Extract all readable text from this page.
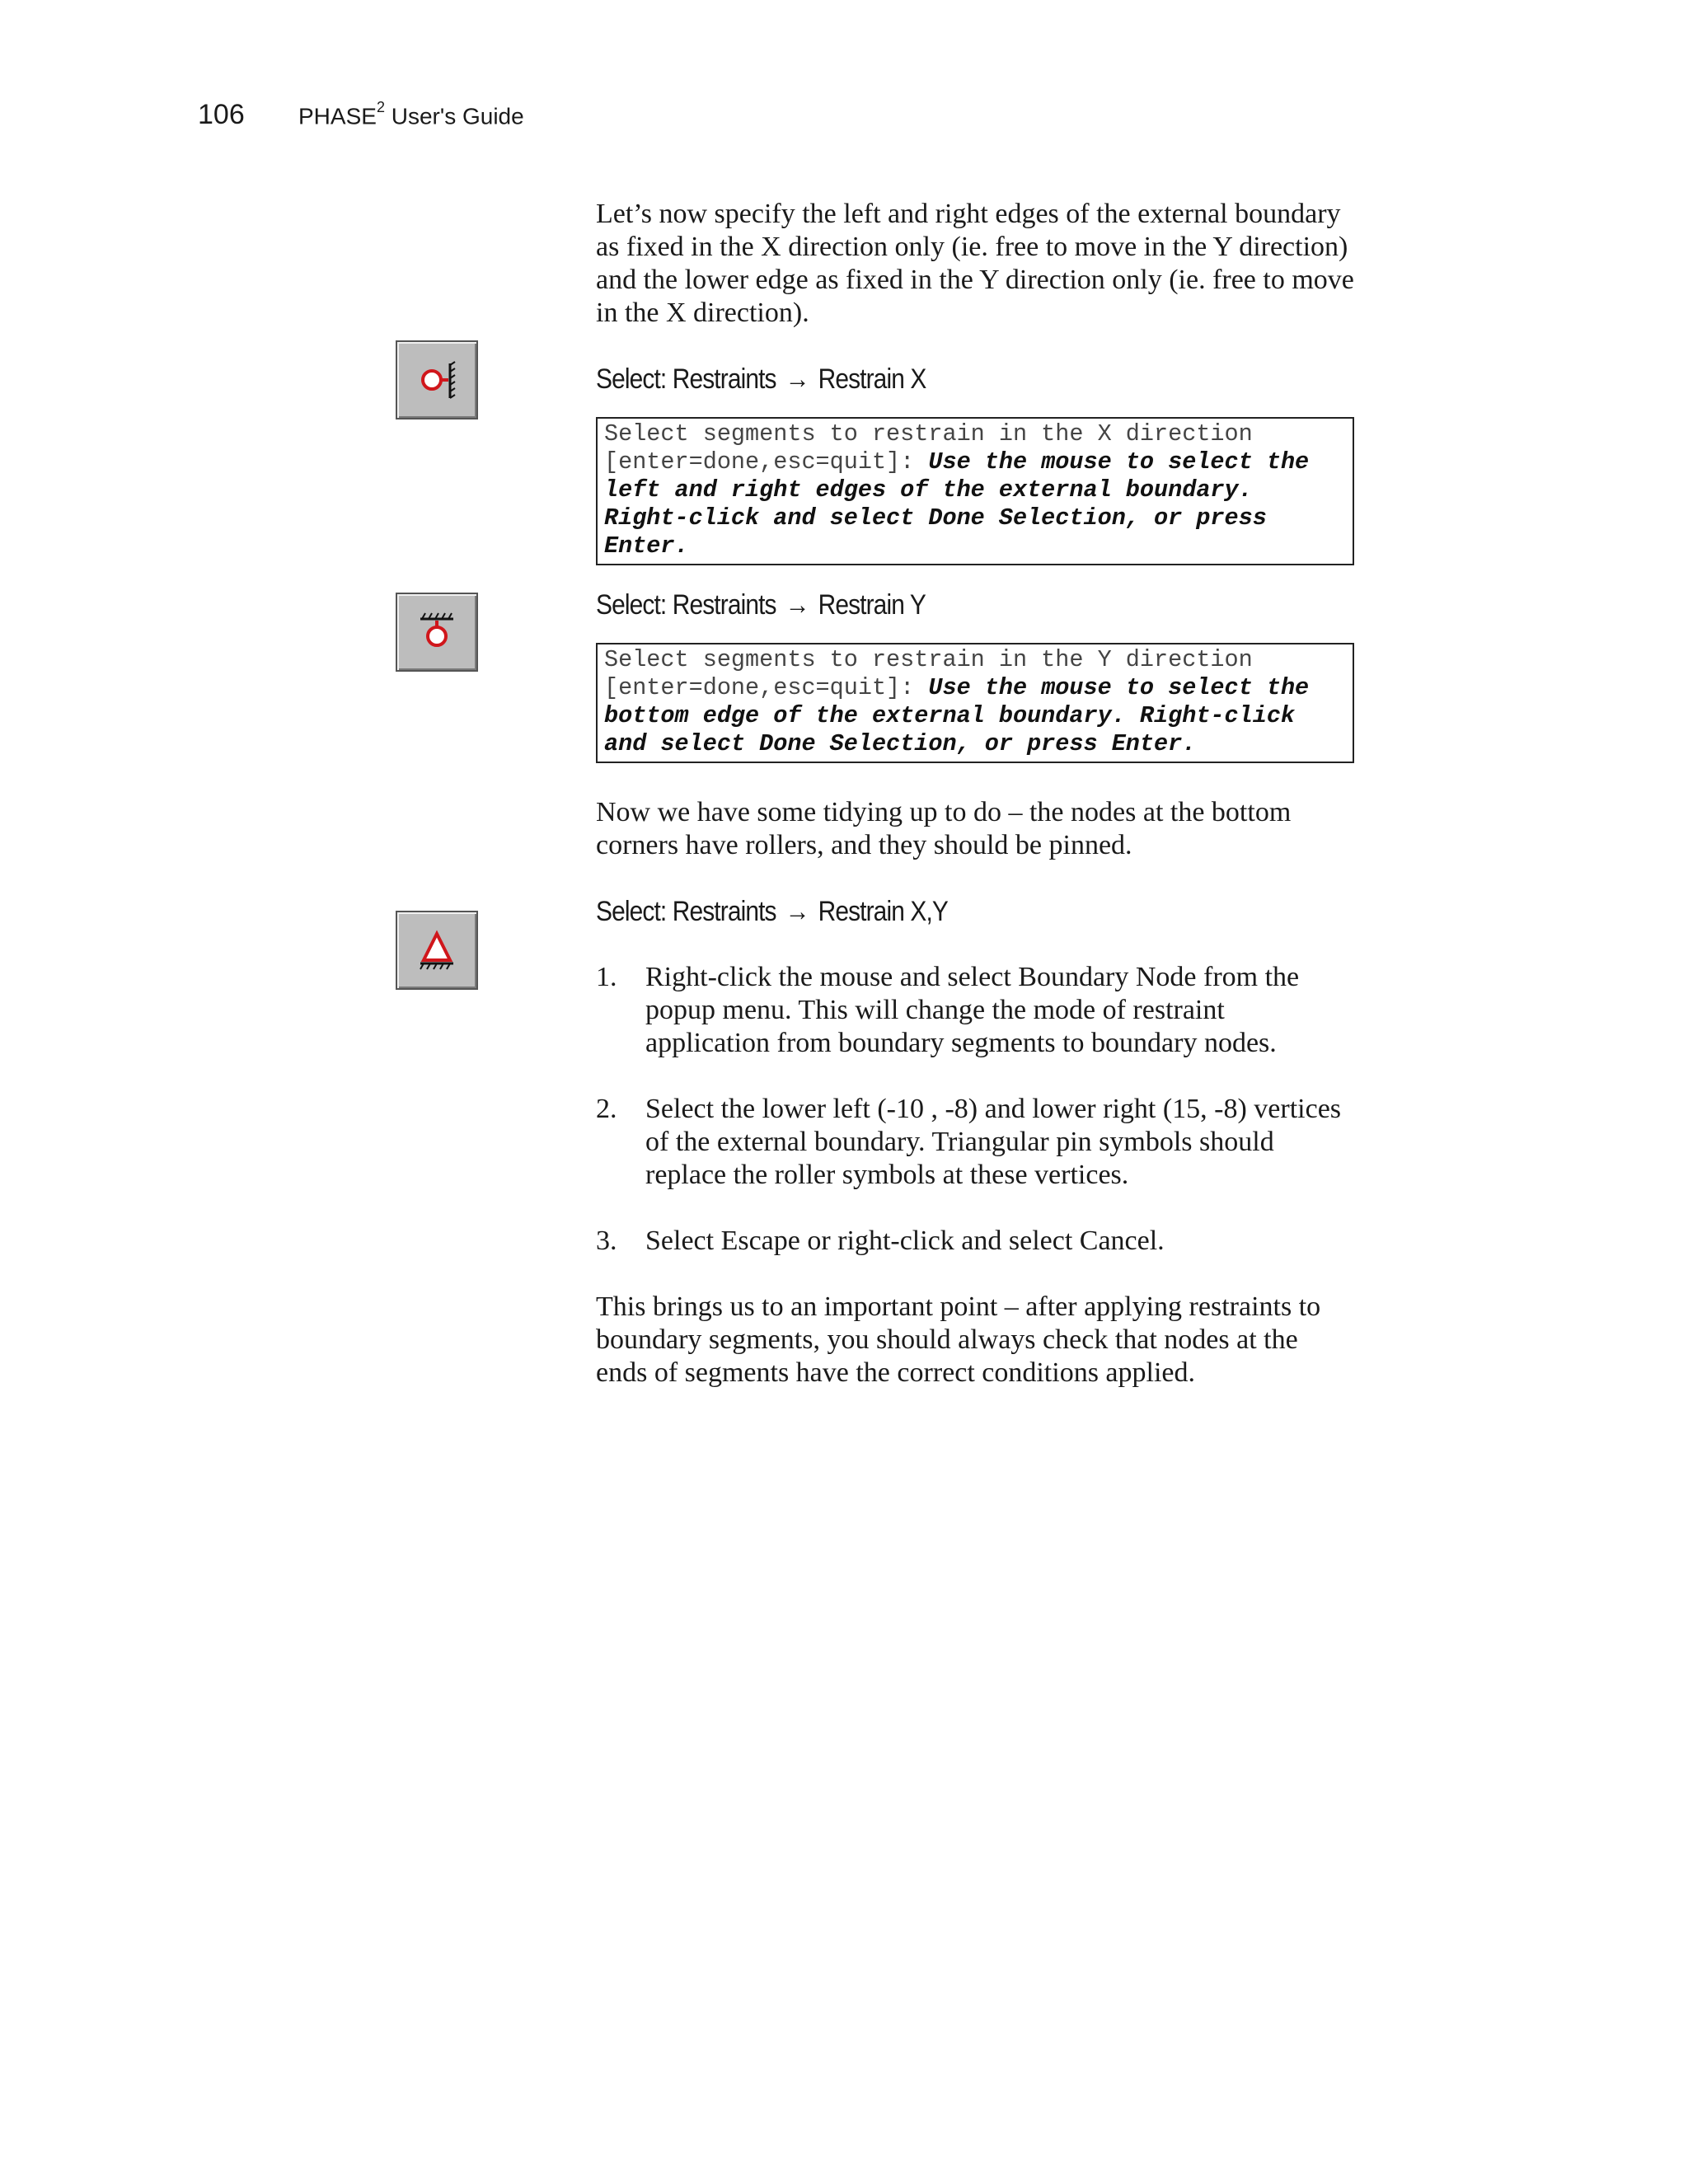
106	PHASE$^2$ User's Guide

Let’s now specify the left and right edges of the external boundary as fixed in the X direction only (ie. free to move in the Y direction) and the lower edge as fixed in the Y direction only (ie. free to move in the X direction).

Select: Restraints → Restrain X

Select segments to restrain in the X direction [enter=done,esc=quit]: Use the mouse to select the left and right edges of the external boundary. Right-click and select Done Selection, or press Enter.

Select: Restraints → Restrain Y

Select segments to restrain in the Y direction [enter=done,esc=quit]: Use the mouse to select the bottom edge of the external boundary. Right-click and select Done Selection, or press Enter.

Now we have some tidying up to do – the nodes at the bottom corners have rollers, and they should be pinned.

Select: Restraints → Restrain X,Y

1.	Right-click the mouse and select Boundary Node from the popup menu. This will change the mode of restraint application from boundary segments to boundary nodes.
2.	Select the lower left (-10 , -8) and lower right (15, -8) vertices of the external boundary. Triangular pin symbols should replace the roller symbols at these vertices.
3.	Select Escape or right-click and select Cancel.

This brings us to an important point – after applying restraints to boundary segments, you should always check that nodes at the ends of segments have the correct conditions applied.
